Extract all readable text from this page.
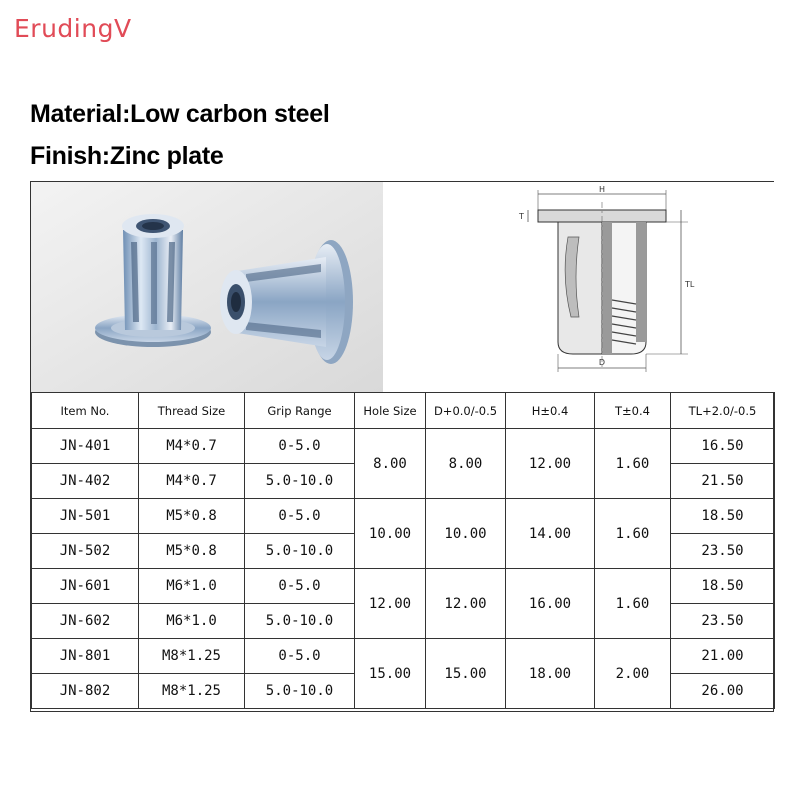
ErudingV
Material:Low carbon steel
Finish:Zinc plate
H
T
TL
D
Item No.	Thread Size	Grip Range	Hole Size	D+0.0/-0.5	H±0.4	T±0.4	TL+2.0/-0.5
JN-401	M4*0.7	0-5.0	8.00	8.00	12.00	1.60	16.50
JN-402	M4*0.7	5.0-10.0					21.50
JN-501	M5*0.8	0-5.0	10.00	10.00	14.00	1.60	18.50
JN-502	M5*0.8	5.0-10.0					23.50
JN-601	M6*1.0	0-5.0	12.00	12.00	16.00	1.60	18.50
JN-602	M6*1.0	5.0-10.0					23.50
JN-801	M8*1.25	0-5.0	15.00	15.00	18.00	2.00	21.00
JN-802	M8*1.25	5.0-10.0					26.00
